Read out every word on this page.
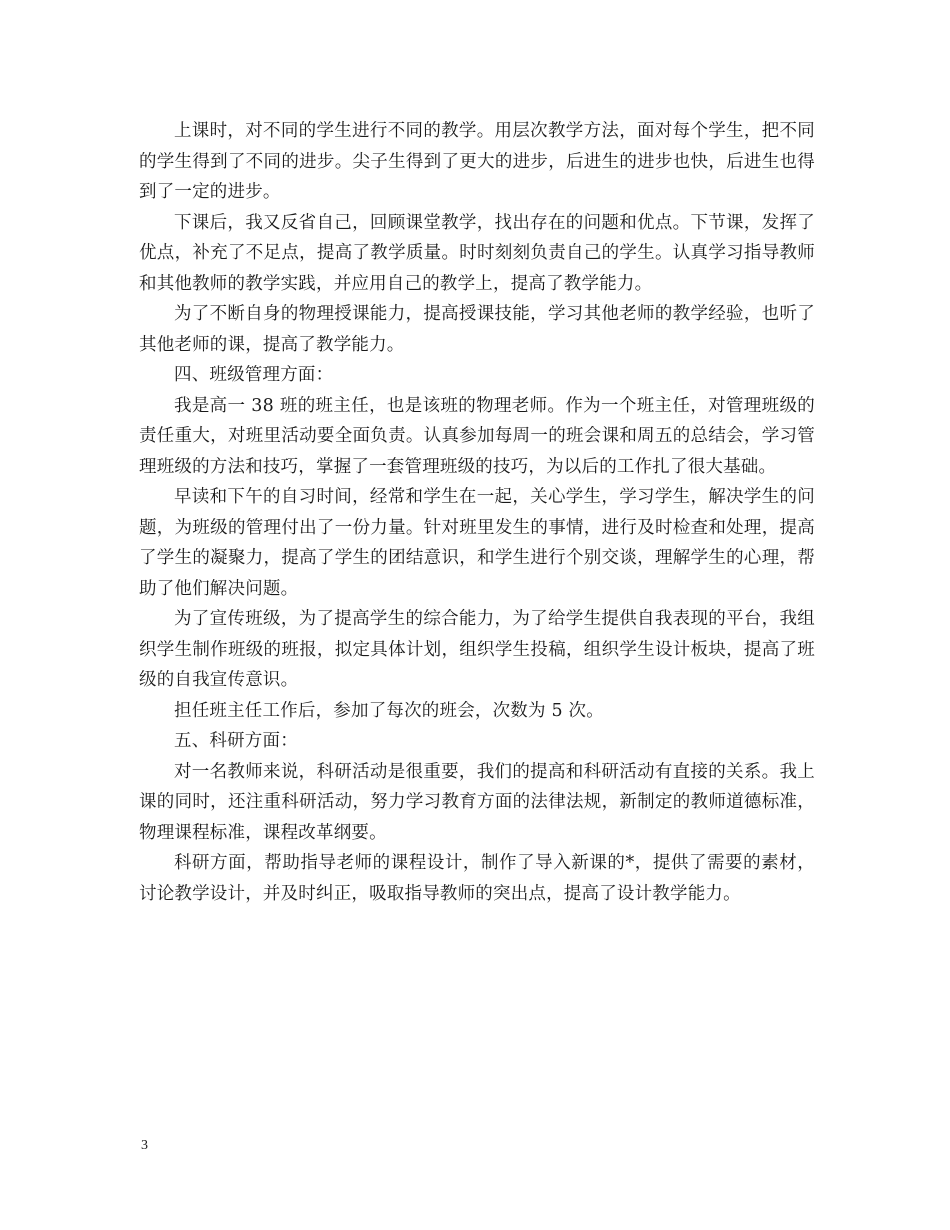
上课时，对不同的学生进行不同的教学。用层次教学方法，面对每个学生，把不同的学生得到了不同的进步。尖子生得到了更大的进步，后进生的进步也快，后进生也得到了一定的进步。

下课后，我又反省自己，回顾课堂教学，找出存在的问题和优点。下节课，发挥了优点，补充了不足点，提高了教学质量。时时刻刻负责自己的学生。认真学习指导教师和其他教师的教学实践，并应用自己的教学上，提高了教学能力。

为了不断自身的物理授课能力，提高授课技能，学习其他老师的教学经验，也听了其他老师的课，提高了教学能力。

四、班级管理方面：

我是高一 38 班的班主任，也是该班的物理老师。作为一个班主任，对管理班级的责任重大，对班里活动要全面负责。认真参加每周一的班会课和周五的总结会，学习管理班级的方法和技巧，掌握了一套管理班级的技巧，为以后的工作扎了很大基础。

早读和下午的自习时间，经常和学生在一起，关心学生，学习学生，解决学生的问题，为班级的管理付出了一份力量。针对班里发生的事情，进行及时检查和处理，提高了学生的凝聚力，提高了学生的团结意识，和学生进行个别交谈，理解学生的心理，帮助了他们解决问题。

为了宣传班级，为了提高学生的综合能力，为了给学生提供自我表现的平台，我组织学生制作班级的班报，拟定具体计划，组织学生投稿，组织学生设计板块，提高了班级的自我宣传意识。

担任班主任工作后，参加了每次的班会，次数为 5 次。

五、科研方面：

对一名教师来说，科研活动是很重要，我们的提高和科研活动有直接的关系。我上课的同时，还注重科研活动，努力学习教育方面的法律法规，新制定的教师道德标准，物理课程标准，课程改革纲要。

科研方面，帮助指导老师的课程设计，制作了导入新课的*，提供了需要的素材，讨论教学设计，并及时纠正，吸取指导教师的突出点，提高了设计教学能力。

3
